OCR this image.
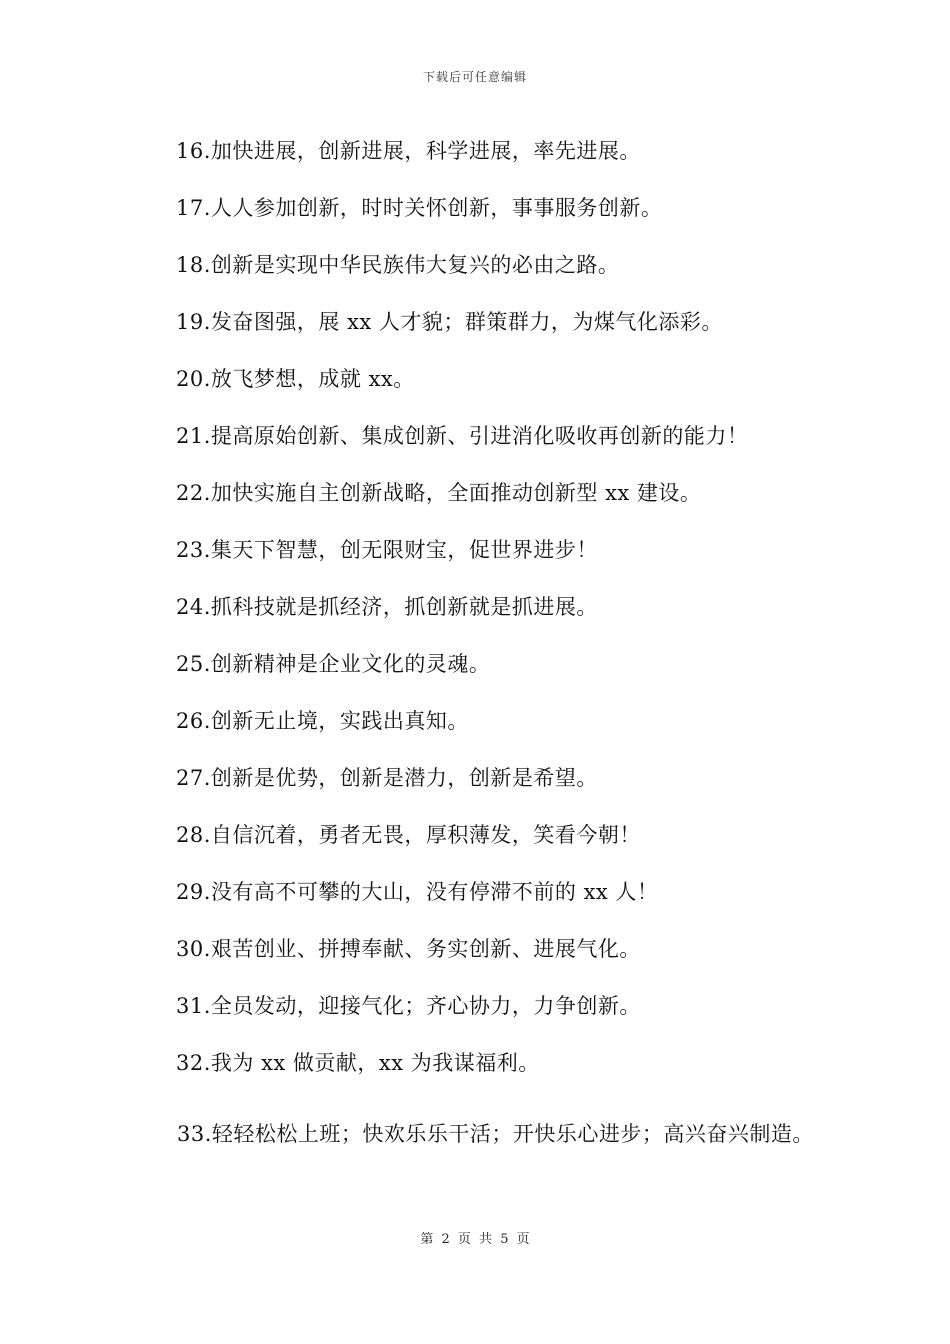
下载后可任意编辑
16.加快进展，创新进展，科学进展，率先进展。
17.人人参加创新，时时关怀创新，事事服务创新。
18.创新是实现中华民族伟大复兴的必由之路。
19.发奋图强，展 xx 人才貌；群策群力，为煤气化添彩。
20.放飞梦想，成就 xx。
21.提高原始创新、集成创新、引进消化吸收再创新的能力！
22.加快实施自主创新战略，全面推动创新型 xx 建设。
23.集天下智慧，创无限财宝，促世界进步！
24.抓科技就是抓经济，抓创新就是抓进展。
25.创新精神是企业文化的灵魂。
26.创新无止境，实践出真知。
27.创新是优势，创新是潜力，创新是希望。
28.自信沉着，勇者无畏，厚积薄发，笑看今朝！
29.没有高不可攀的大山，没有停滞不前的 xx 人！
30.艰苦创业、拼搏奉献、务实创新、进展气化。
31.全员发动，迎接气化；齐心协力，力争创新。
32.我为 xx 做贡献，xx 为我谋福利。

33.轻轻松松上班；快欢乐乐干活；开快乐心进步；高兴奋兴制造。

第 2 页 共 5 页
